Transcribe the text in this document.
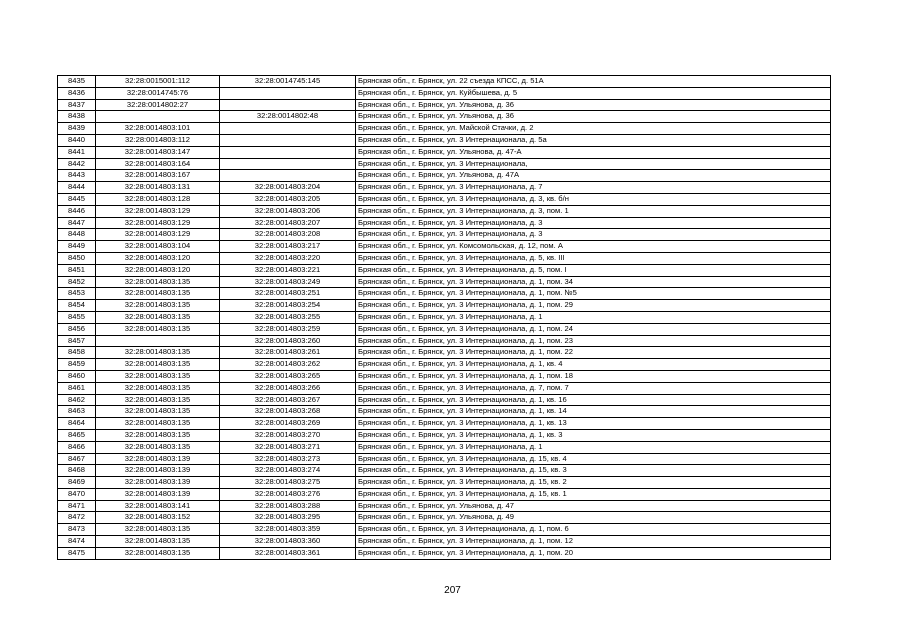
8435	32:28:0015001:112	32:28:0014745:145	Брянская обл., г. Брянск, ул. 22 съезда КПСС, д. 51А
8436	32:28:0014745:76		Брянская обл., г. Брянск, ул. Куйбышева, д. 5
8437	32:28:0014802:27		Брянская обл., г. Брянск, ул. Ульянова, д. 36
8438		32:28:0014802:48	Брянская обл., г. Брянск, ул. Ульянова, д. 36
8439	32:28:0014803:101		Брянская обл., г. Брянск, ул. Майской Стачки, д. 2
8440	32:28:0014803:112		Брянская обл., г. Брянск, ул. 3 Интернационала, д. 5а
8441	32:28:0014803:147		Брянская обл., г. Брянск, ул. Ульянова, д. 47-А
8442	32:28:0014803:164		Брянская обл., г. Брянск, ул. 3 Интернационала,
8443	32:28:0014803:167		Брянская обл., г. Брянск, ул. Ульянова, д. 47А
8444	32:28:0014803:131	32:28:0014803:204	Брянская обл., г. Брянск, ул. 3 Интернационала, д. 7
8445	32:28:0014803:128	32:28:0014803:205	Брянская обл., г. Брянск, ул. 3 Интернационала, д. 3, кв. б/н
8446	32:28:0014803:129	32:28:0014803:206	Брянская обл., г. Брянск, ул. 3 Интернационала, д. 3, пом. 1
8447	32:28:0014803:129	32:28:0014803:207	Брянская обл., г. Брянск, ул. 3 Интернационала, д. 3
8448	32:28:0014803:129	32:28:0014803:208	Брянская обл., г. Брянск, ул. 3 Интернационала, д. 3
8449	32:28:0014803:104	32:28:0014803:217	Брянская обл., г. Брянск, ул. Комсомольская, д. 12, пом. А
8450	32:28:0014803:120	32:28:0014803:220	Брянская обл., г. Брянск, ул. 3 Интернационала, д. 5, кв. III
8451	32:28:0014803:120	32:28:0014803:221	Брянская обл., г. Брянск, ул. 3 Интернационала, д. 5, пом. I
8452	32:28:0014803:135	32:28:0014803:249	Брянская обл., г. Брянск, ул. 3 Интернационала, д. 1, пом. 34
8453	32:28:0014803:135	32:28:0014803:251	Брянская обл., г. Брянск, ул. 3 Интернационала, д. 1, пом. №5
8454	32:28:0014803:135	32:28:0014803:254	Брянская обл., г. Брянск, ул. 3 Интернационала, д. 1, пом. 29
8455	32:28:0014803:135	32:28:0014803:255	Брянская обл., г. Брянск, ул. 3 Интернационала, д. 1
8456	32:28:0014803:135	32:28:0014803:259	Брянская обл., г. Брянск, ул. 3 Интернационала, д. 1, пом. 24
8457		32:28:0014803:260	Брянская обл., г. Брянск, ул. 3 Интернационала, д. 1, пом. 23
8458	32:28:0014803:135	32:28:0014803:261	Брянская обл., г. Брянск, ул. 3 Интернационала, д. 1, пом. 22
8459	32:28:0014803:135	32:28:0014803:262	Брянская обл., г. Брянск, ул. 3 Интернационала, д. 1, кв. 4
8460	32:28:0014803:135	32:28:0014803:265	Брянская обл., г. Брянск, ул. 3 Интернационала, д. 1, пом. 18
8461	32:28:0014803:135	32:28:0014803:266	Брянская обл., г. Брянск, ул. 3 Интернационала, д. 7, пом. 7
8462	32:28:0014803:135	32:28:0014803:267	Брянская обл., г. Брянск, ул. 3 Интернационала, д. 1, кв. 16
8463	32:28:0014803:135	32:28:0014803:268	Брянская обл., г. Брянск, ул. 3 Интернационала, д. 1, кв. 14
8464	32:28:0014803:135	32:28:0014803:269	Брянская обл., г. Брянск, ул. 3 Интернационала, д. 1, кв. 13
8465	32:28:0014803:135	32:28:0014803:270	Брянская обл., г. Брянск, ул. 3 Интернационала, д. 1, кв. 3
8466	32:28:0014803:135	32:28:0014803:271	Брянская обл., г. Брянск, ул. 3 Интернационала, д. 1
8467	32:28:0014803:139	32:28:0014803:273	Брянская обл., г. Брянск, ул. 3 Интернационала, д. 15, кв. 4
8468	32:28:0014803:139	32:28:0014803:274	Брянская обл., г. Брянск, ул. 3 Интернационала, д. 15, кв. 3
8469	32:28:0014803:139	32:28:0014803:275	Брянская обл., г. Брянск, ул. 3 Интернационала, д. 15, кв. 2
8470	32:28:0014803:139	32:28:0014803:276	Брянская обл., г. Брянск, ул. 3 Интернационала, д. 15, кв. 1
8471	32:28:0014803:141	32:28:0014803:288	Брянская обл., г. Брянск, ул. Ульянова, д. 47
8472	32:28:0014803:152	32:28:0014803:295	Брянская обл., г. Брянск, ул. Ульянова, д. 49
8473	32:28:0014803:135	32:28:0014803:359	Брянская обл., г. Брянск, ул. 3 Интернационала, д. 1, пом. 6
8474	32:28:0014803:135	32:28:0014803:360	Брянская обл., г. Брянск, ул. 3 Интернационала, д. 1, пом. 12
8475	32:28:0014803:135	32:28:0014803:361	Брянская обл., г. Брянск, ул. 3 Интернационала, д. 1, пом. 20
207
